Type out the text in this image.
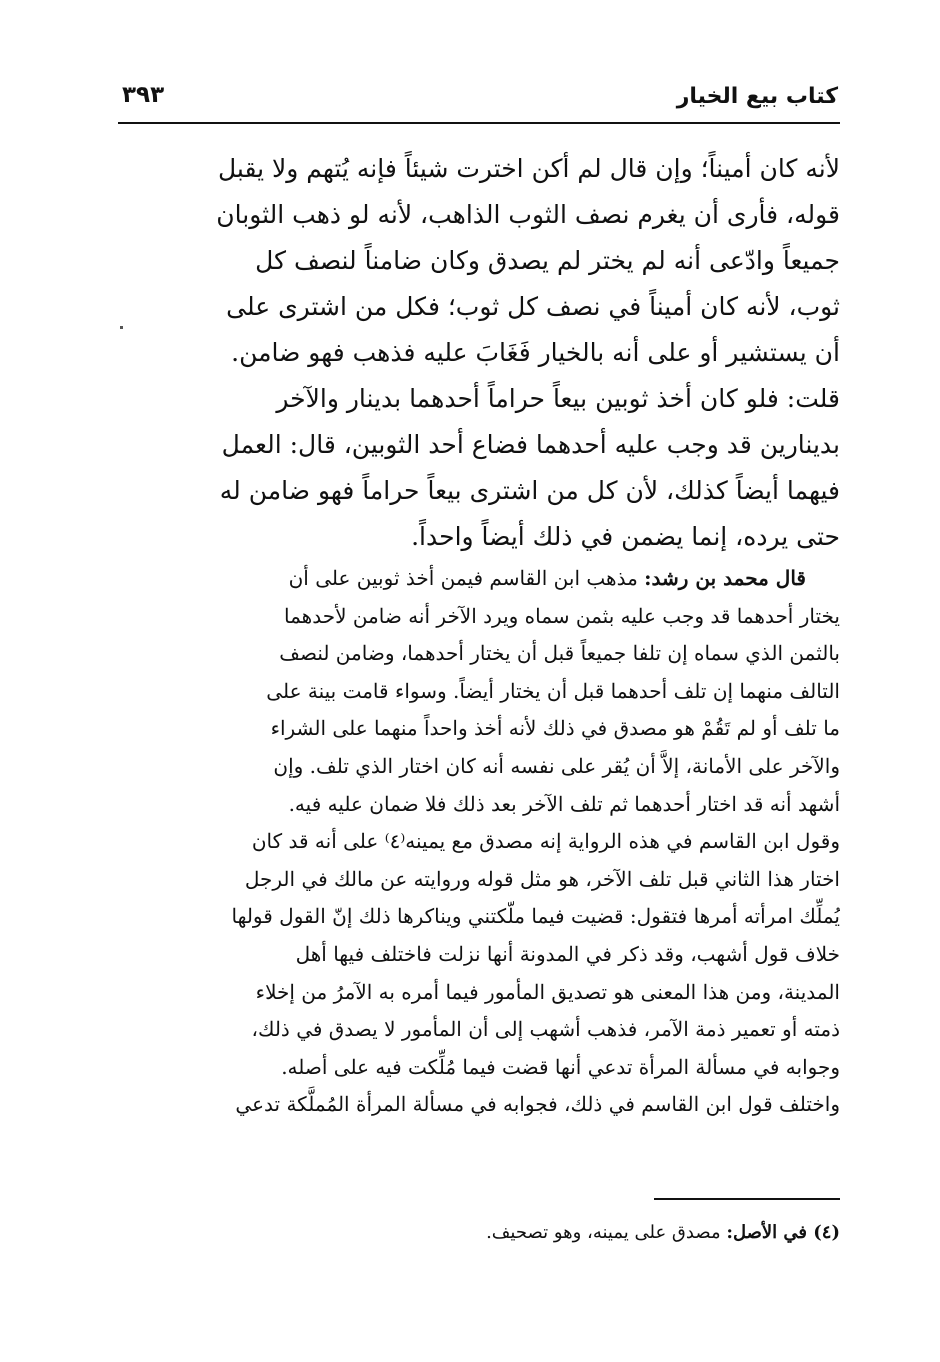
كتاب بيع الخيار
٣٩٣
لأنه كان أميناً؛ وإن قال لم أكن اخترت شيئاً فإنه يُتهم ولا يقبل
قوله، فأرى أن يغرم نصف الثوب الذاهب، لأنه لو ذهب الثوبان
جميعاً وادّعى أنه لم يختر لم يصدق وكان ضامناً لنصف كل
ثوب، لأنه كان أميناً في نصف كل ثوب؛ فكل من اشترى على
أن يستشير أو على أنه بالخيار فَغَابَ عليه فذهب فهو ضامن.
قلت: فلو كان أخذ ثوبين بيعاً حراماً أحدهما بدينار والآخر
بدينارين قد وجب عليه أحدهما فضاع أحد الثوبين، قال: العمل
فيهما أيضاً كذلك، لأن كل من اشترى بيعاً حراماً فهو ضامن له
حتى يرده، إنما يضمن في ذلك أيضاً واحداً.
قال محمد بن رشد: مذهب ابن القاسم فيمن أخذ ثوبين على أن
يختار أحدهما قد وجب عليه بثمن سماه ويرد الآخر أنه ضامن لأحدهما
بالثمن الذي سماه إن تلفا جميعاً قبل أن يختار أحدهما، وضامن لنصف
التالف منهما إن تلف أحدهما قبل أن يختار أيضاً. وسواء قامت بينة على
ما تلف أو لم تَقُمْ هو مصدق في ذلك لأنه أخذ واحداً منهما على الشراء
والآخر على الأمانة، إلاَّ أن يُقر على نفسه أنه كان اختار الذي تلف. وإن
أشهد أنه قد اختار أحدهما ثم تلف الآخر بعد ذلك فلا ضمان عليه فيه.
وقول ابن القاسم في هذه الرواية إنه مصدق مع يمينه⁽٤⁾ على أنه قد كان
اختار هذا الثاني قبل تلف الآخر، هو مثل قوله وروايته عن مالك في الرجل
يُملِّك امرأته أمرها فتقول: قضيت فيما ملّكتني ويناكرها ذلك إنّ القول قولها
خلاف قول أشهب، وقد ذكر في المدونة أنها نزلت فاختلف فيها أهل
المدينة، ومن هذا المعنى هو تصديق المأمور فيما أمره به الآمرُ من إخلاء
ذمته أو تعمير ذمة الآمر، فذهب أشهب إلى أن المأمور لا يصدق في ذلك،
وجوابه في مسألة المرأة تدعي أنها قضت فيما مُلِّكت فيه على أصله.
واختلف قول ابن القاسم في ذلك، فجوابه في مسألة المرأة المُملَّكة تدعي
(٤) في الأصل: مصدق على يمينه، وهو تصحيف.
